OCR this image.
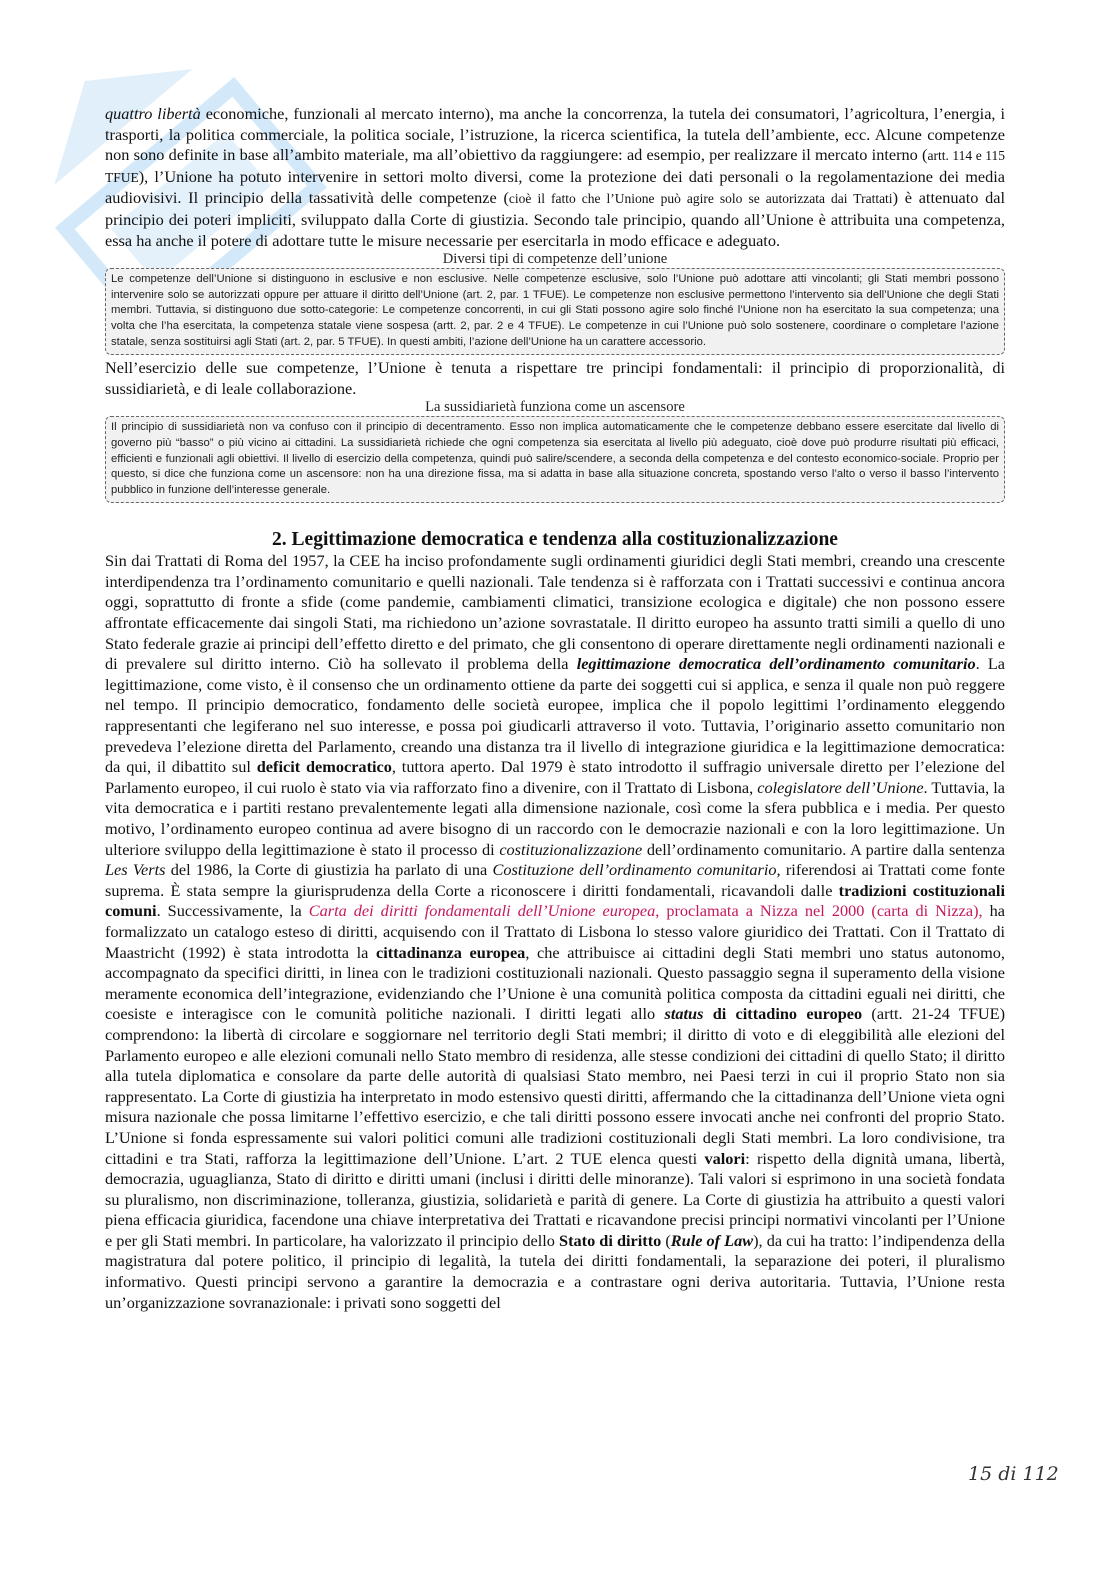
quattro libertà economiche, funzionali al mercato interno), ma anche la concorrenza, la tutela dei consumatori, l’agricoltura, l’energia, i trasporti, la politica commerciale, la politica sociale, l’istruzione, la ricerca scientifica, la tutela dell’ambiente, ecc. Alcune competenze non sono definite in base all’ambito materiale, ma all’obiettivo da raggiungere: ad esempio, per realizzare il mercato interno (artt. 114 e 115 TFUE), l’Unione ha potuto intervenire in settori molto diversi, come la protezione dei dati personali o la regolamentazione dei media audiovisivi. Il principio della tassatività delle competenze (cioè il fatto che l’Unione può agire solo se autorizzata dai Trattati) è attenuato dal principio dei poteri impliciti, sviluppato dalla Corte di giustizia. Secondo tale principio, quando all’Unione è attribuita una competenza, essa ha anche il potere di adottare tutte le misure necessarie per esercitarla in modo efficace e adeguato.

Diversi tipi di competenze dell’unione

Le competenze dell’Unione si distinguono in esclusive e non esclusive. Nelle competenze esclusive, solo l’Unione può adottare atti vincolanti; gli Stati membri possono intervenire solo se autorizzati oppure per attuare il diritto dell’Unione (art. 2, par. 1 TFUE). Le competenze non esclusive permettono l’intervento sia dell’Unione che degli Stati membri. Tuttavia, si distinguono due sotto-categorie: Le competenze concorrenti, in cui gli Stati possono agire solo finché l’Unione non ha esercitato la sua competenza; una volta che l’ha esercitata, la competenza statale viene sospesa (artt. 2, par. 2 e 4 TFUE). Le competenze in cui l’Unione può solo sostenere, coordinare o completare l’azione statale, senza sostituirsi agli Stati (art. 2, par. 5 TFUE). In questi ambiti, l’azione dell’Unione ha un carattere accessorio.

Nell’esercizio delle sue competenze, l’Unione è tenuta a rispettare tre principi fondamentali: il principio di proporzionalità, di sussidiarietà, e di leale collaborazione.

La sussidiarietà funziona come un ascensore

Il principio di sussidiarietà non va confuso con il principio di decentramento. Esso non implica automaticamente che le competenze debbano essere esercitate dal livello di governo più “basso” o più vicino ai cittadini. La sussidiarietà richiede che ogni competenza sia esercitata al livello più adeguato, cioè dove può produrre risultati più efficaci, efficienti e funzionali agli obiettivi. Il livello di esercizio della competenza, quindi può salire/scendere, a seconda della competenza e del contesto economico-sociale. Proprio per questo, si dice che funziona come un ascensore: non ha una direzione fissa, ma si adatta in base alla situazione concreta, spostando verso l’alto o verso il basso l’intervento pubblico in funzione dell’interesse generale.

2. Legittimazione democratica e tendenza alla costituzionalizzazione

Sin dai Trattati di Roma del 1957, la CEE ha inciso profondamente sugli ordinamenti giuridici degli Stati membri, creando una crescente interdipendenza tra l’ordinamento comunitario e quelli nazionali. Tale tendenza si è rafforzata con i Trattati successivi e continua ancora oggi, soprattutto di fronte a sfide (come pandemie, cambiamenti climatici, transizione ecologica e digitale) che non possono essere affrontate efficacemente dai singoli Stati, ma richiedono un’azione sovrastatale. Il diritto europeo ha assunto tratti simili a quello di uno Stato federale grazie ai principi dell’effetto diretto e del primato, che gli consentono di operare direttamente negli ordinamenti nazionali e di prevalere sul diritto interno. Ciò ha sollevato il problema della legittimazione democratica dell’ordinamento comunitario. La legittimazione, come visto, è il consenso che un ordinamento ottiene da parte dei soggetti cui si applica, e senza il quale non può reggere nel tempo. Il principio democratico, fondamento delle società europee, implica che il popolo legittimi l’ordinamento eleggendo rappresentanti che legiferano nel suo interesse, e possa poi giudicarli attraverso il voto. Tuttavia, l’originario assetto comunitario non prevedeva l’elezione diretta del Parlamento, creando una distanza tra il livello di integrazione giuridica e la legittimazione democratica: da qui, il dibattito sul deficit democratico, tuttora aperto. Dal 1979 è stato introdotto il suffragio universale diretto per l’elezione del Parlamento europeo, il cui ruolo è stato via via rafforzato fino a divenire, con il Trattato di Lisbona, colegislatore dell’Unione. Tuttavia, la vita democratica e i partiti restano prevalentemente legati alla dimensione nazionale, così come la sfera pubblica e i media. Per questo motivo, l’ordinamento europeo continua ad avere bisogno di un raccordo con le democrazie nazionali e con la loro legittimazione. Un ulteriore sviluppo della legittimazione è stato il processo di costituzionalizzazione dell’ordinamento comunitario. A partire dalla sentenza Les Verts del 1986, la Corte di giustizia ha parlato di una Costituzione dell’ordinamento comunitario, riferendosi ai Trattati come fonte suprema. È stata sempre la giurisprudenza della Corte a riconoscere i diritti fondamentali, ricavandoli dalle tradizioni costituzionali comuni. Successivamente, la Carta dei diritti fondamentali dell’Unione europea, proclamata a Nizza nel 2000 (carta di Nizza), ha formalizzato un catalogo esteso di diritti, acquisendo con il Trattato di Lisbona lo stesso valore giuridico dei Trattati. Con il Trattato di Maastricht (1992) è stata introdotta la cittadinanza europea, che attribuisce ai cittadini degli Stati membri uno status autonomo, accompagnato da specifici diritti, in linea con le tradizioni costituzionali nazionali. Questo passaggio segna il superamento della visione meramente economica dell’integrazione, evidenziando che l’Unione è una comunità politica composta da cittadini eguali nei diritti, che coesiste e interagisce con le comunità politiche nazionali. I diritti legati allo status di cittadino europeo (artt. 21-24 TFUE) comprendono: la libertà di circolare e soggiornare nel territorio degli Stati membri; il diritto di voto e di eleggibilità alle elezioni del Parlamento europeo e alle elezioni comunali nello Stato membro di residenza, alle stesse condizioni dei cittadini di quello Stato; il diritto alla tutela diplomatica e consolare da parte delle autorità di qualsiasi Stato membro, nei Paesi terzi in cui il proprio Stato non sia rappresentato. La Corte di giustizia ha interpretato in modo estensivo questi diritti, affermando che la cittadinanza dell’Unione vieta ogni misura nazionale che possa limitarne l’effettivo esercizio, e che tali diritti possono essere invocati anche nei confronti del proprio Stato. L’Unione si fonda espressamente sui valori politici comuni alle tradizioni costituzionali degli Stati membri. La loro condivisione, tra cittadini e tra Stati, rafforza la legittimazione dell’Unione. L’art. 2 TUE elenca questi valori: rispetto della dignità umana, libertà, democrazia, uguaglianza, Stato di diritto e diritti umani (inclusi i diritti delle minoranze). Tali valori si esprimono in una società fondata su pluralismo, non discriminazione, tolleranza, giustizia, solidarietà e parità di genere. La Corte di giustizia ha attribuito a questi valori piena efficacia giuridica, facendone una chiave interpretativa dei Trattati e ricavandone precisi principi normativi vincolanti per l’Unione e per gli Stati membri. In particolare, ha valorizzato il principio dello Stato di diritto (Rule of Law), da cui ha tratto: l’indipendenza della magistratura dal potere politico, il principio di legalità, la tutela dei diritti fondamentali, la separazione dei poteri, il pluralismo informativo. Questi principi servono a garantire la democrazia e a contrastare ogni deriva autoritaria. Tuttavia, l’Unione resta un’organizzazione sovranazionale: i privati sono soggetti del

15 di 112
